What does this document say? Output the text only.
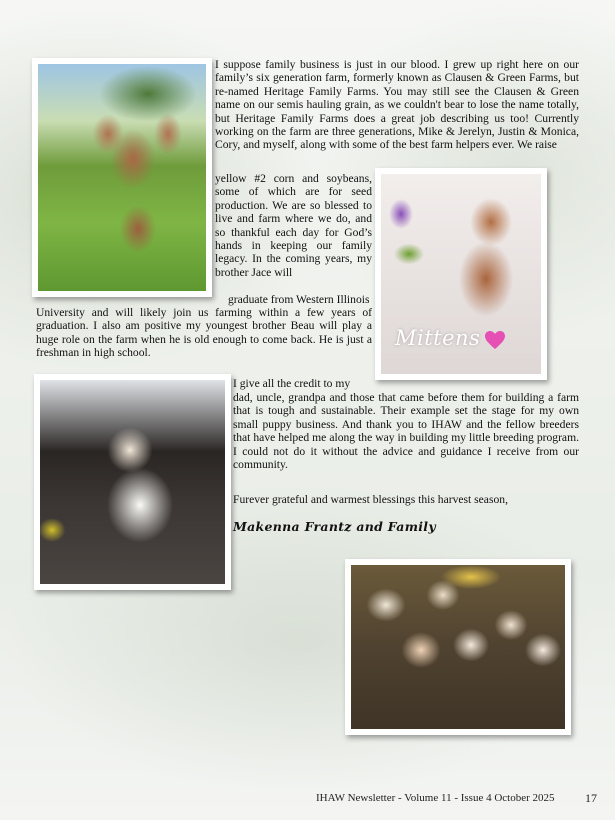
Mittens

I suppose family business is just in our blood. I grew up right here on our family’s six generation farm, formerly known as Clausen & Green Farms, but re-named Heritage Family Farms. You may still see the Clausen & Green name on our semis hauling grain, as we couldn't bear to lose the name totally, but Heritage Family Farms does a great job describing us too! Currently working on the farm are three generations, Mike & Jerelyn, Justin & Monica, Cory, and myself, along with some of the best farm helpers ever. We raise

yellow #2 corn and soybeans, some of which are for seed production. We are so blessed to live and farm where we do, and so thankful each day for God’s hands in keeping our family legacy. In the coming years, my brother Jace will

graduate from Western Illinois

University and will likely join us farming within a few years of graduation. I also am positive my youngest brother Beau will play a huge role on the farm when he is old enough to come back. He is just a freshman in high school.

I give all the credit to my

dad, uncle, grandpa and those that came before them for building a farm that is tough and sustainable. Their example set the stage for my own small puppy business. And thank you to IHAW and the fellow breeders that have helped me along the way in building my little breeding program. I could not do it without the advice and guidance I receive from our community.

Furever grateful and warmest blessings this harvest season,

Makenna Frantz and Family
IHAW Newsletter - Volume 11 - Issue 4 October 2025	17
